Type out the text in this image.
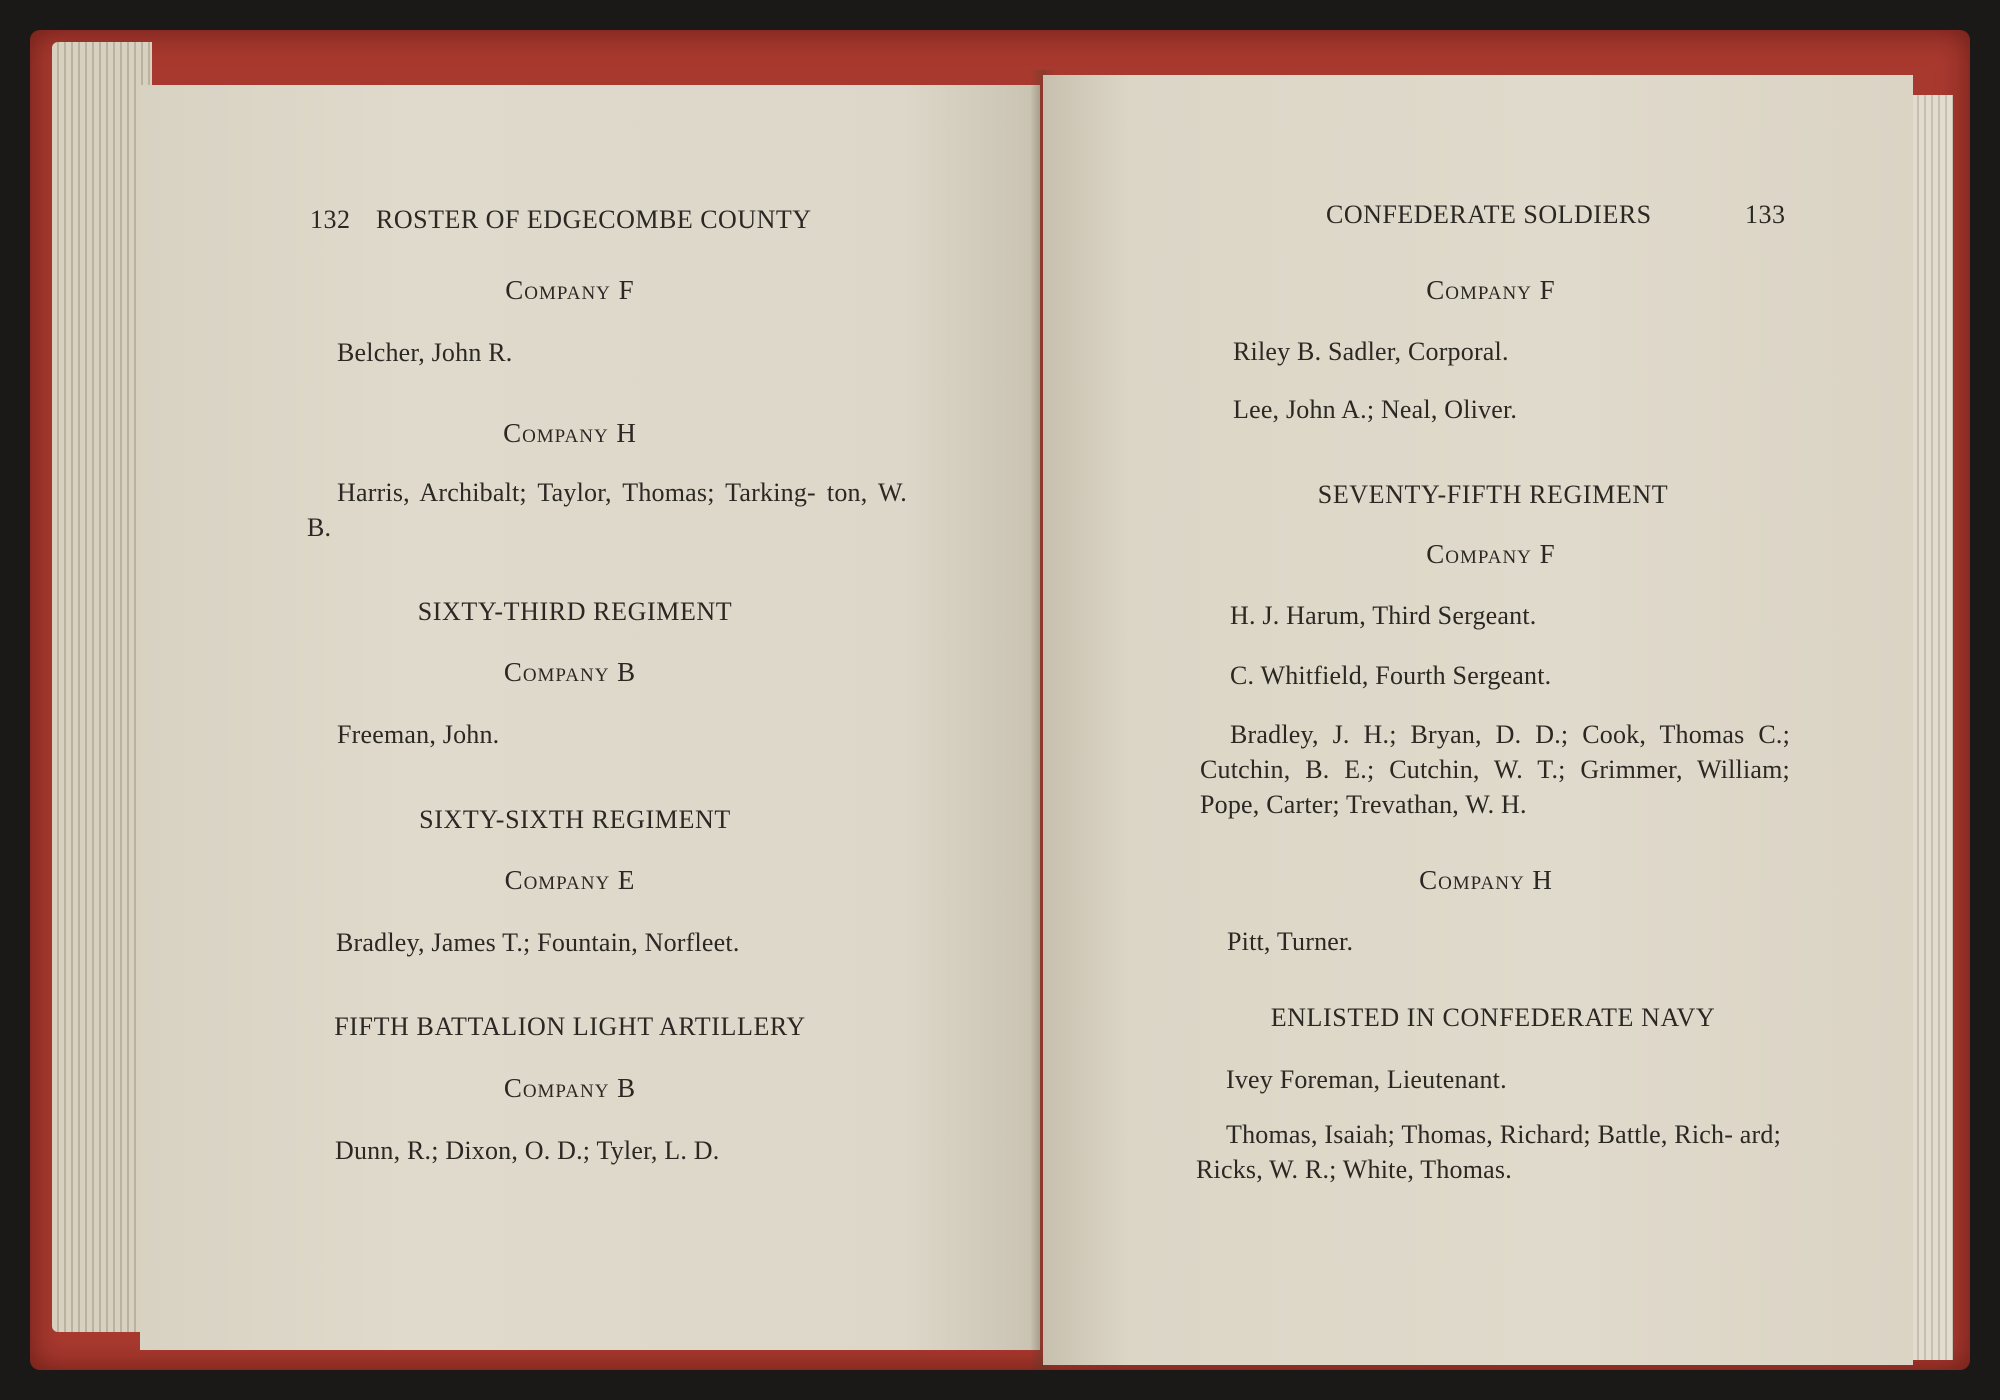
132 ROSTER OF EDGECOMBE COUNTY
Company F
Belcher, John R.
Company H
Harris, Archibalt; Taylor, Thomas; Tarking- ton, W. B.
SIXTY-THIRD REGIMENT
Company B
Freeman, John.
SIXTY-SIXTH REGIMENT
Company E
Bradley, James T.; Fountain, Norfleet.
FIFTH BATTALION LIGHT ARTILLERY
Company B
Dunn, R.; Dixon, O. D.; Tyler, L. D.
CONFEDERATE SOLDIERS	133
Company F
Riley B. Sadler, Corporal.
Lee, John A.; Neal, Oliver.
SEVENTY-FIFTH REGIMENT
Company F
H. J. Harum, Third Sergeant.
C. Whitfield, Fourth Sergeant.
Bradley, J. H.; Bryan, D. D.; Cook, Thomas C.; Cutchin, B. E.; Cutchin, W. T.; Grimmer, William; Pope, Carter; Trevathan, W. H.
Company H
Pitt, Turner.
ENLISTED IN CONFEDERATE NAVY
Ivey Foreman, Lieutenant.
Thomas, Isaiah; Thomas, Richard; Battle, Rich- ard; Ricks, W. R.; White, Thomas.
